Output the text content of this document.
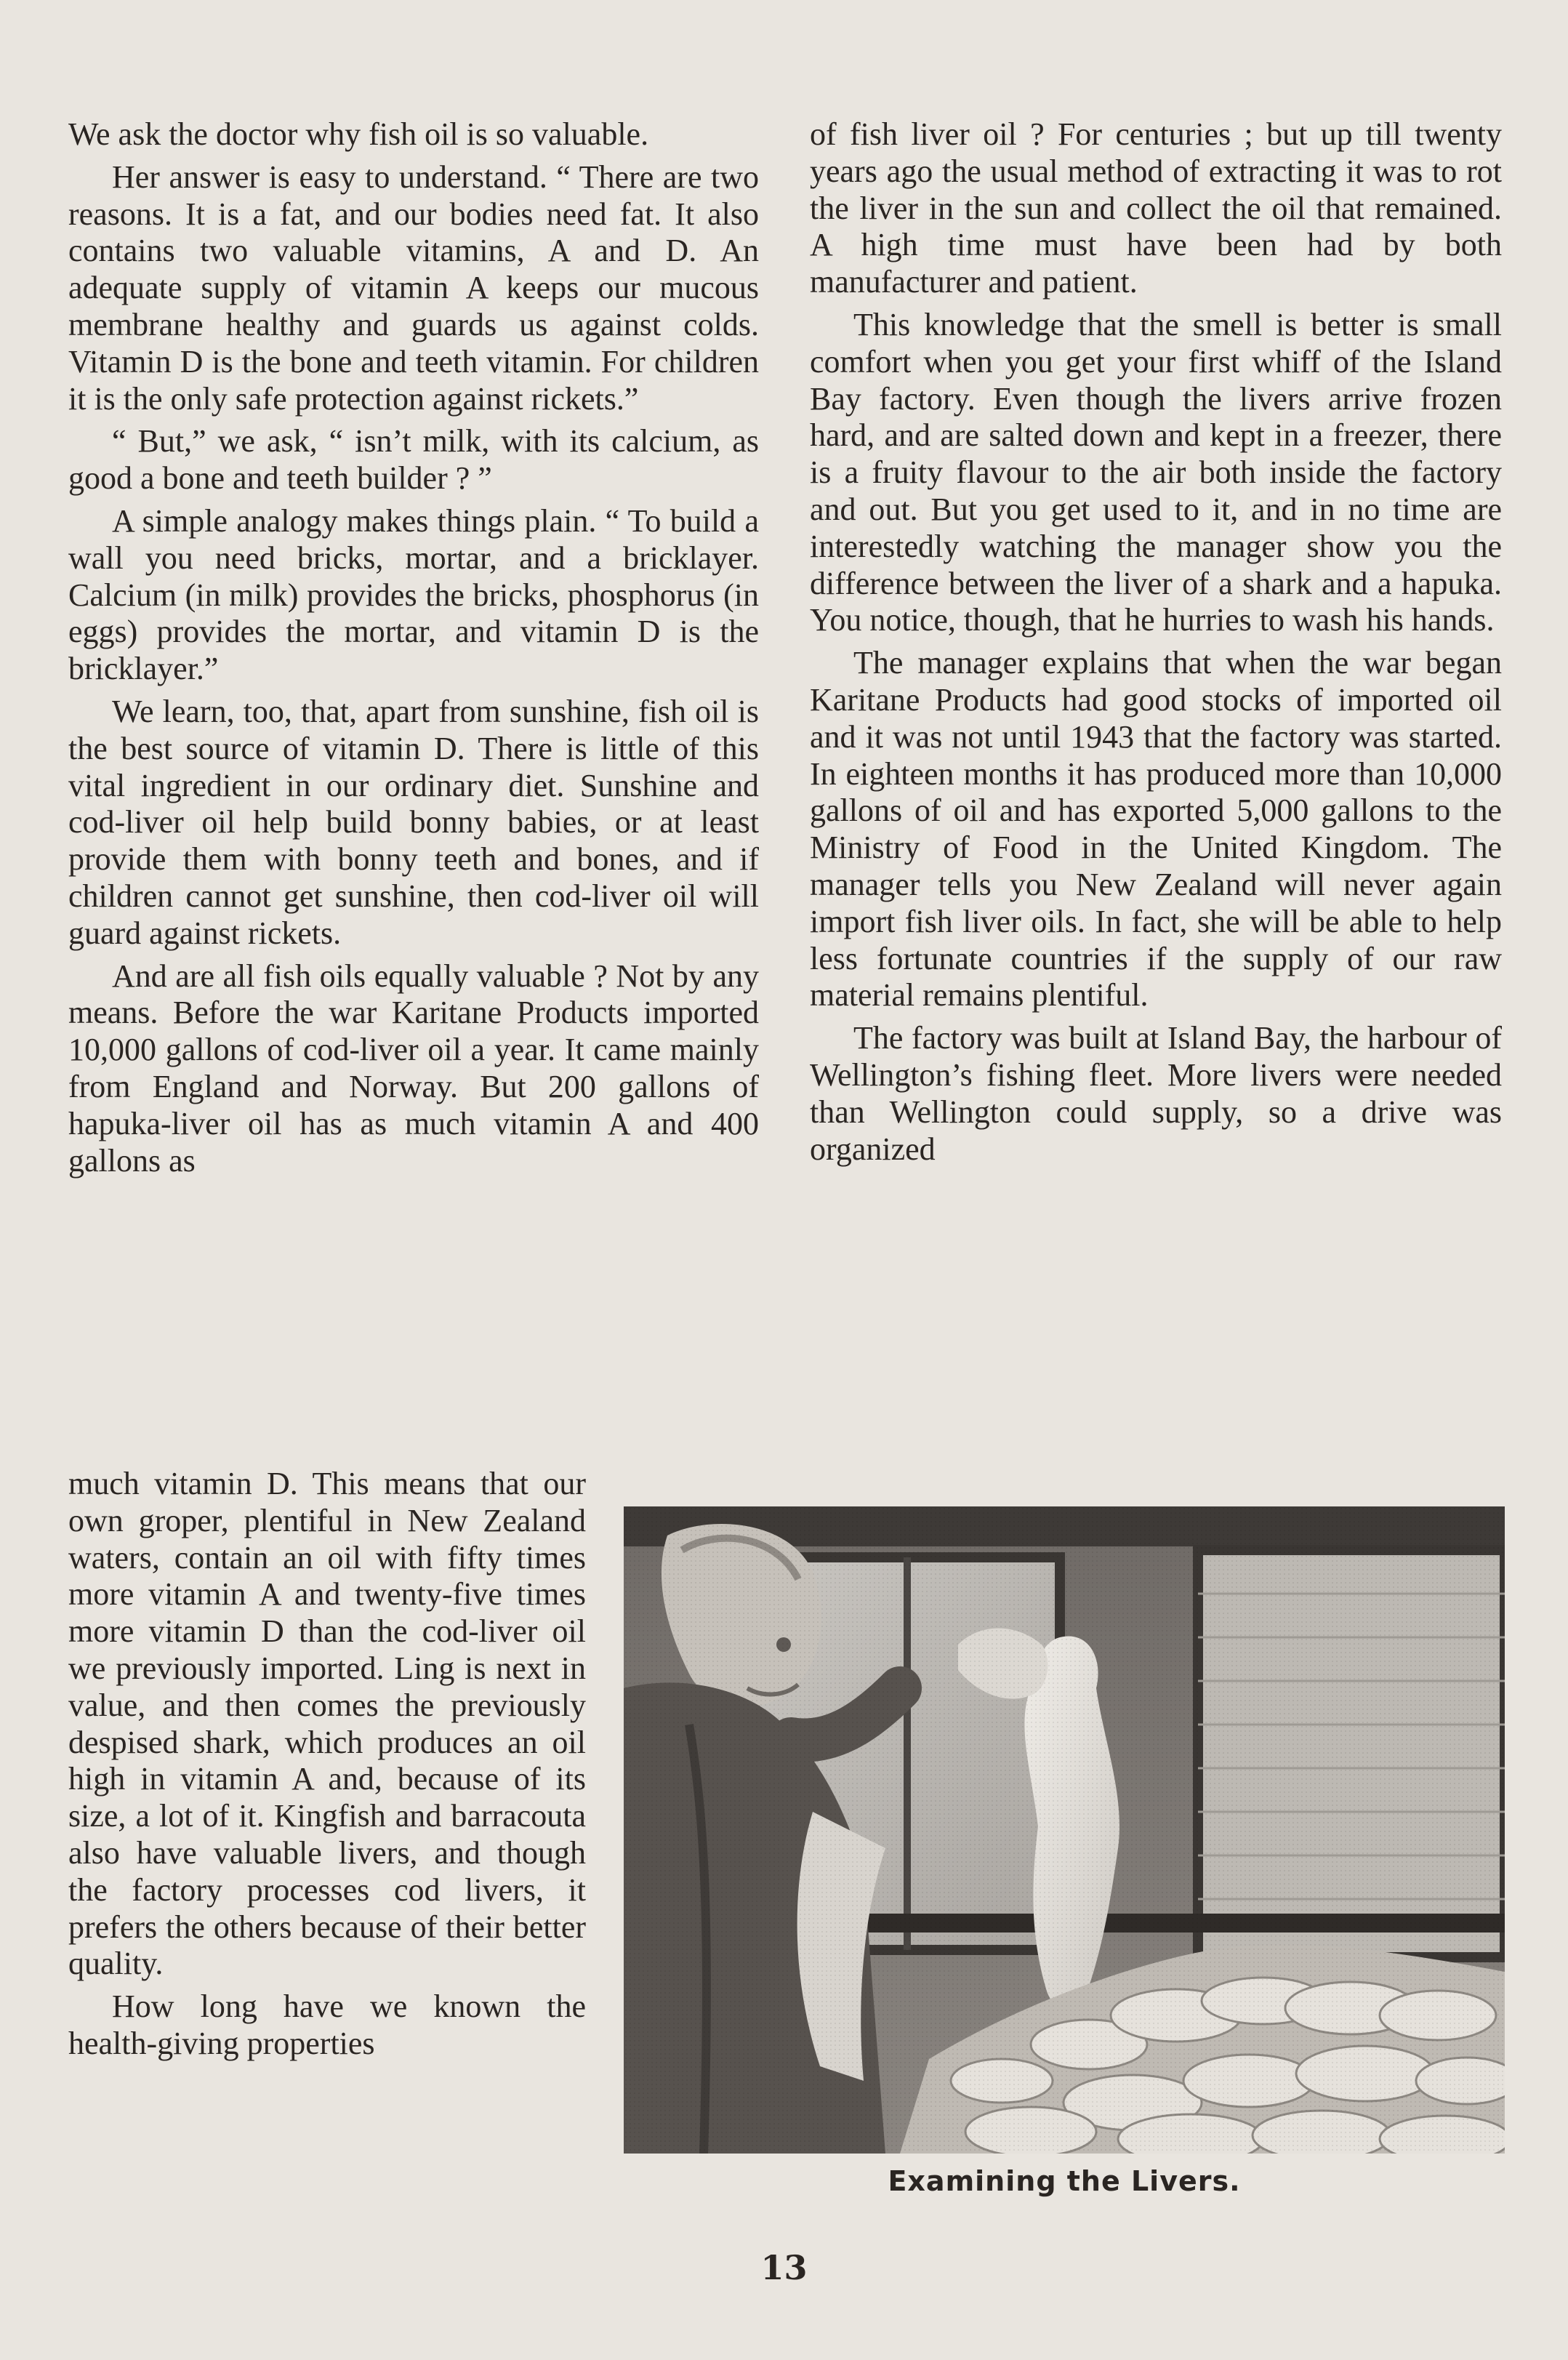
We ask the doctor why fish oil is so valuable.

Her answer is easy to understand. “ There are two reasons. It is a fat, and our bodies need fat. It also contains two valuable vitamins, A and D. An adequate supply of vitamin A keeps our mucous membrane healthy and guards us against colds. Vitamin D is the bone and teeth vitamin. For children it is the only safe protection against rickets.”

“ But,” we ask, “ isn’t milk, with its calcium, as good a bone and teeth builder ? ”

A simple analogy makes things plain. “ To build a wall you need bricks, mortar, and a bricklayer. Calcium (in milk) provides the bricks, phosphorus (in eggs) provides the mortar, and vitamin D is the bricklayer.”

We learn, too, that, apart from sunshine, fish oil is the best source of vitamin D. There is little of this vital ingredient in our ordinary diet. Sunshine and cod-liver oil help build bonny babies, or at least provide them with bonny teeth and bones, and if children cannot get sunshine, then cod-liver oil will guard against rickets.

And are all fish oils equally valuable ? Not by any means. Before the war Karitane Products imported 10,000 gallons of cod-liver oil a year. It came mainly from England and Norway. But 200 gallons of hapuka-liver oil has as much vitamin A and 400 gallons as

much vitamin D. This means that our own groper, plentiful in New Zealand waters, contain an oil with fifty times more vitamin A and twenty-five times more vitamin D than the cod-liver oil we previously imported. Ling is next in value, and then comes the previously despised shark, which produces an oil high in vitamin A and, because of its size, a lot of it. Kingfish and barracouta also have valuable livers, and though the factory processes cod livers, it prefers the others because of their better quality.

How long have we known the health-giving properties

of fish liver oil ? For centuries ; but up till twenty years ago the usual method of extracting it was to rot the liver in the sun and collect the oil that remained. A high time must have been had by both manufacturer and patient.

This knowledge that the smell is better is small comfort when you get your first whiff of the Island Bay factory. Even though the livers arrive frozen hard, and are salted down and kept in a freezer, there is a fruity flavour to the air both inside the factory and out. But you get used to it, and in no time are interestedly watching the manager show you the difference between the liver of a shark and a hapuka. You notice, though, that he hurries to wash his hands.

The manager explains that when the war began Karitane Products had good stocks of imported oil and it was not until 1943 that the factory was started. In eighteen months it has produced more than 10,000 gallons of oil and has exported 5,000 gallons to the Ministry of Food in the United Kingdom. The manager tells you New Zealand will never again import fish liver oils. In fact, she will be able to help less fortunate countries if the supply of our raw material remains plentiful.

The factory was built at Island Bay, the harbour of Wellington’s fishing fleet. More livers were needed than Wellington could supply, so a drive was organized

Examining the Livers.
13
